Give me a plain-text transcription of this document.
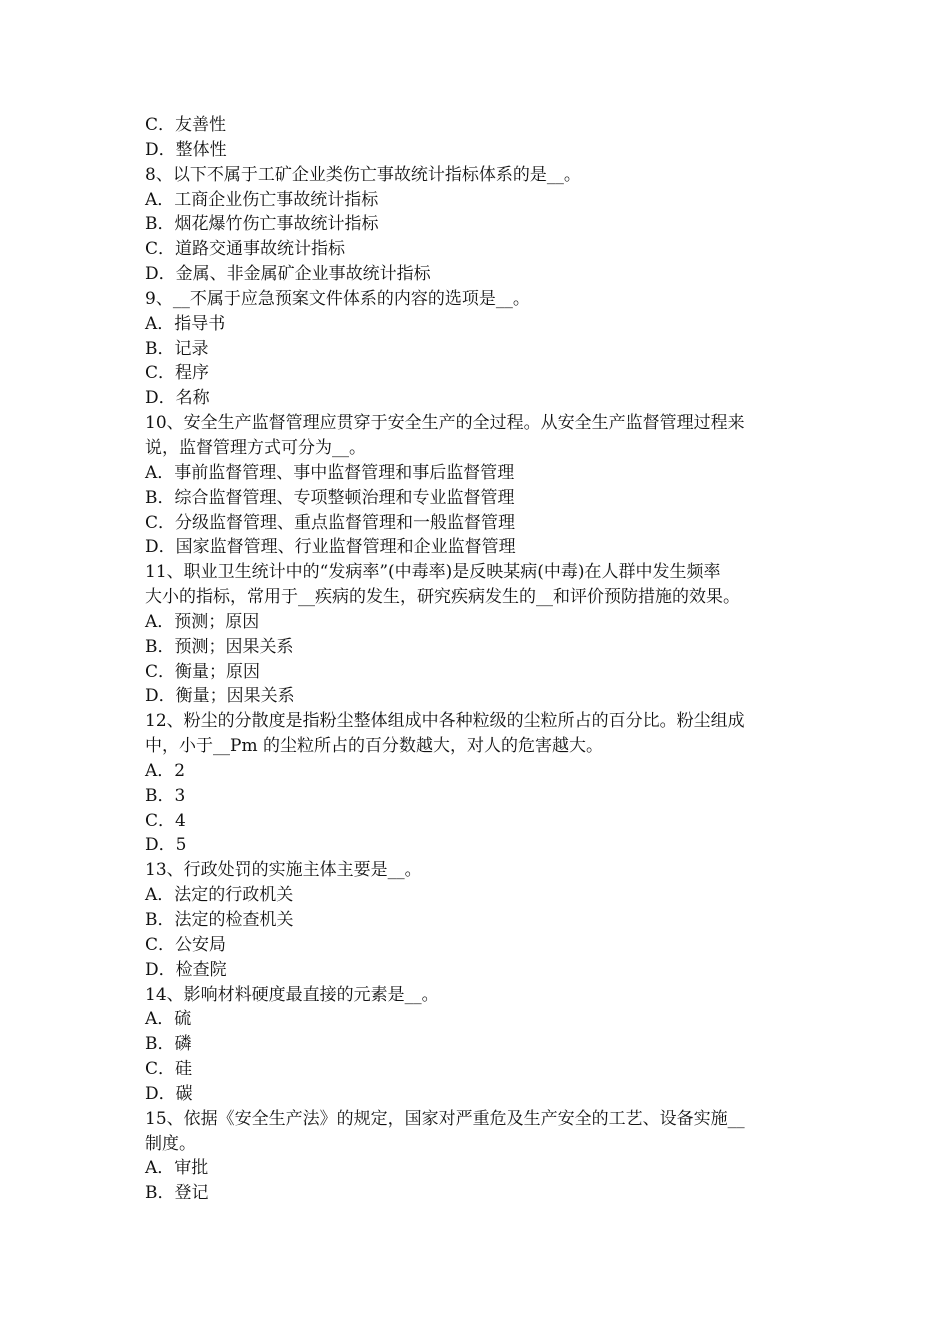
C．友善性
D．整体性
8、以下不属于工矿企业类伤亡事故统计指标体系的是__。
A．工商企业伤亡事故统计指标
B．烟花爆竹伤亡事故统计指标
C．道路交通事故统计指标
D．金属、非金属矿企业事故统计指标
9、__不属于应急预案文件体系的内容的选项是__。
A．指导书
B．记录
C．程序
D．名称
10、安全生产监督管理应贯穿于安全生产的全过程。从安全生产监督管理过程来
说，监督管理方式可分为__。
A．事前监督管理、事中监督管理和事后监督管理
B．综合监督管理、专项整顿治理和专业监督管理
C．分级监督管理、重点监督管理和一般监督管理
D．国家监督管理、行业监督管理和企业监督管理
11、职业卫生统计中的“发病率”(中毒率)是反映某病(中毒)在人群中发生频率
大小的指标，常用于__疾病的发生，研究疾病发生的__和评价预防措施的效果。
A．预测；原因
B．预测；因果关系
C．衡量；原因
D．衡量；因果关系
12、粉尘的分散度是指粉尘整体组成中各种粒级的尘粒所占的百分比。粉尘组成
中，小于__Pm 的尘粒所占的百分数越大，对人的危害越大。
A．2
B．3
C．4
D．5
13、行政处罚的实施主体主要是__。
A．法定的行政机关
B．法定的检查机关
C．公安局
D．检查院
14、影响材料硬度最直接的元素是__。
A．硫
B．磷
C．硅
D．碳
15、依据《安全生产法》的规定，国家对严重危及生产安全的工艺、设备实施__
制度。
A．审批
B．登记
